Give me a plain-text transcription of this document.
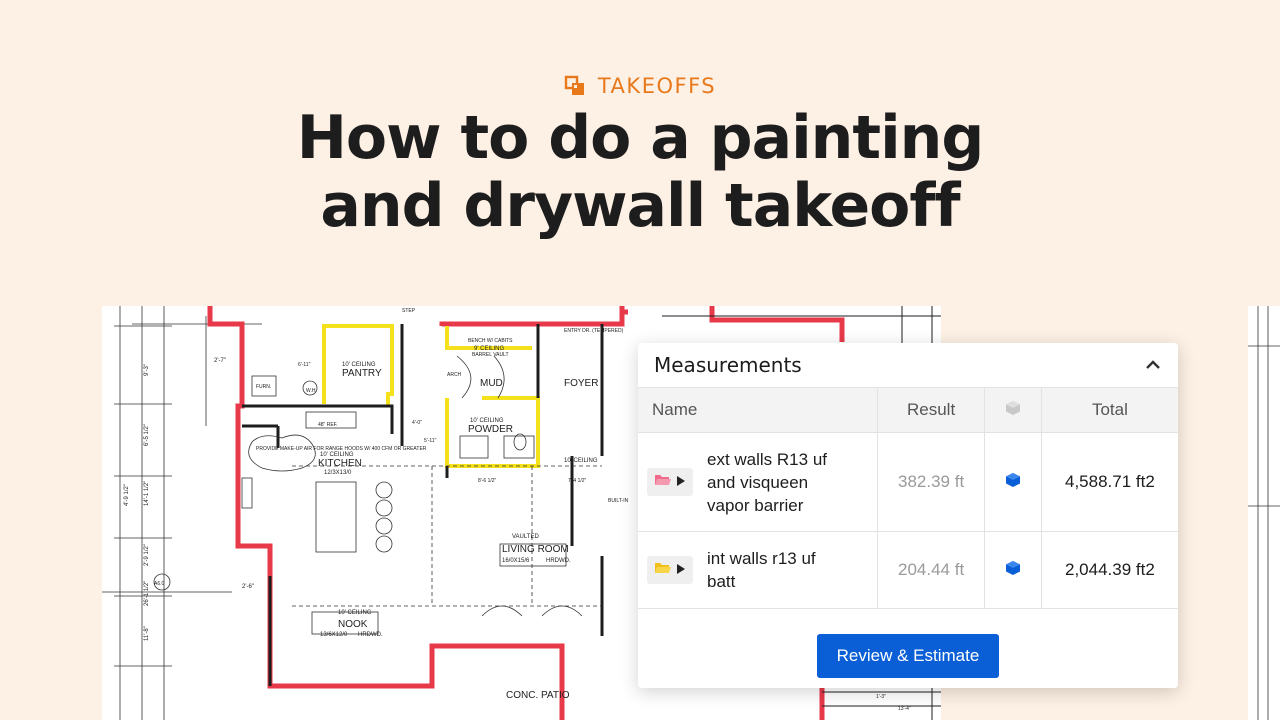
TAKEOFFS
How to do a painting
and drywall takeoff
9'-3"
6'-5 1/2"
14'-1 1/2"
2'-9 1/2"
26'-1 1/2"
11'-8"
4'-9 1/2"
2'-7"
2'-6"
PANTRY
MUD
POWDER
FOYER
KITCHEN
LIVING ROOM
NOOK
CONC. PATIO
10' CEILING
9' CEILING
10' CEILING
10' CEILING
10' CEILING
VAULTED
10' CEILING
12/3X13/0
16/0X15/6
13/6X12/0
HRDWD.
HRDWD.
BENCH W/ CABITS
BARREL VAULT
PROVIDE MAKE-UP AIR FOR RANGE HOODS W/ 400 CFM OR GREATER
FURN.
W.H.
48" REF.
STEP
ENTRY DR. (TEMPERED)
ARCH
BUILT-IN
A6.0
1'-3"
13'-4"
6'-11"
4'-0"
5'-11"
8'-6 1/2"	7'-4 1/2"
Measurements
Name	Result		Total

ext walls R13 uf
and visqueen
vapor barrier	382.39 ft		4,588.71 ft2

int walls r13 uf
batt	204.44 ft		2,044.39 ft2
Review & Estimate
